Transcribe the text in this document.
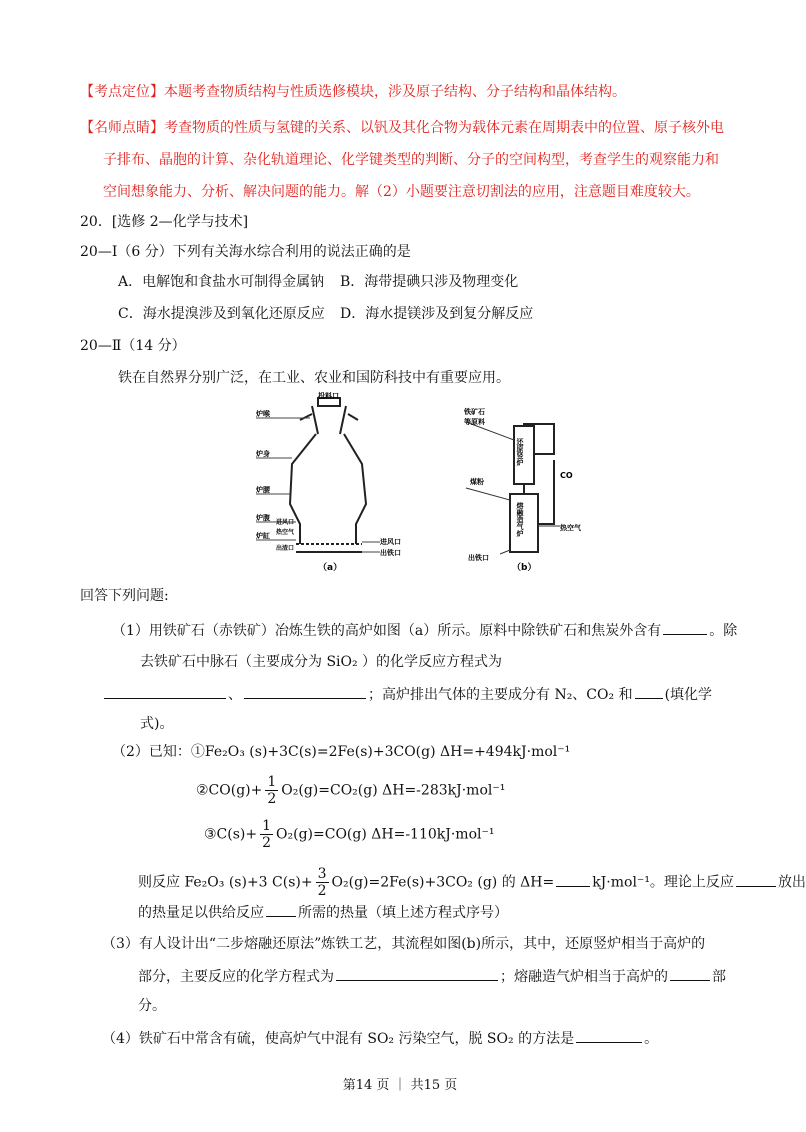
【考点定位】本题考查物质结构与性质选修模块，涉及原子结构、分子结构和晶体结构。
【名师点睛】考查物质的性质与氢键的关系、以钒及其化合物为载体元素在周期表中的位置、原子核外电
子排布、晶胞的计算、杂化轨道理论、化学键类型的判断、分子的空间构型，考查学生的观察能力和
空间想象能力、分析、解决问题的能力。解（2）小题要注意切割法的应用，注意题目难度较大。
20．[选修 2—化学与技术]
20—Ⅰ（6 分）下列有关海水综合利用的说法正确的是
A．电解饱和食盐水可制得金属钠 B．海带提碘只涉及物理变化
C．海水提溴涉及到氧化还原反应 D．海水提镁涉及到复分解反应
20—Ⅱ（14 分）
铁在自然界分别广泛，在工业、农业和国防科技中有重要应用。
投料口
炉喉
炉身
炉腰
炉腹
炉缸
进风口
热空气
出渣口
进风口
出铁口
（a）
铁矿石
等原料
煤粉
CO
热空气
出铁口
还原竖炉
熔融造气炉
（b）
回答下列问题:
（1）用铁矿石（赤铁矿）冶炼生铁的高炉如图（a）所示。原料中除铁矿石和焦炭外含有	。除
去铁矿石中脉石（主要成分为 SiO₂ ）的化学反应方程式为
、	；高炉排出气体的主要成分有 N₂、CO₂ 和 (填化学
式)。
（2）已知：①Fe₂O₃ (s)+3C(s)=2Fe(s)+3CO(g) ΔH=+494kJ·mol⁻¹
②CO(g)+ $\frac{1}{2} O_2(g)=CO_2(g)$ ΔH=-283kJ·mol⁻¹
③C(s)+ $\frac{1}{2} O_2(g)=CO(g)$ ΔH=-110kJ·mol⁻¹
则反应 Fe₂O₃ (s)+3 $C(s)+ \frac{3}{2} O_2(g)=2Fe(s)+3CO_2$ (g) 的 ΔH=	kJ·mol⁻¹。理论上反应	放出
的热量足以供给反应 所需的热量（填上述方程式序号）
（3）有人设计出“二步熔融还原法”炼铁工艺，其流程如图(b)所示，其中，还原竖炉相当于高炉的
部分，主要反应的化学方程式为	；熔融造气炉相当于高炉的	部
分。
（4）铁矿石中常含有硫，使高炉气中混有 SO₂ 污染空气，脱 SO₂ 的方法是	。
第14 页 ｜ 共15 页
